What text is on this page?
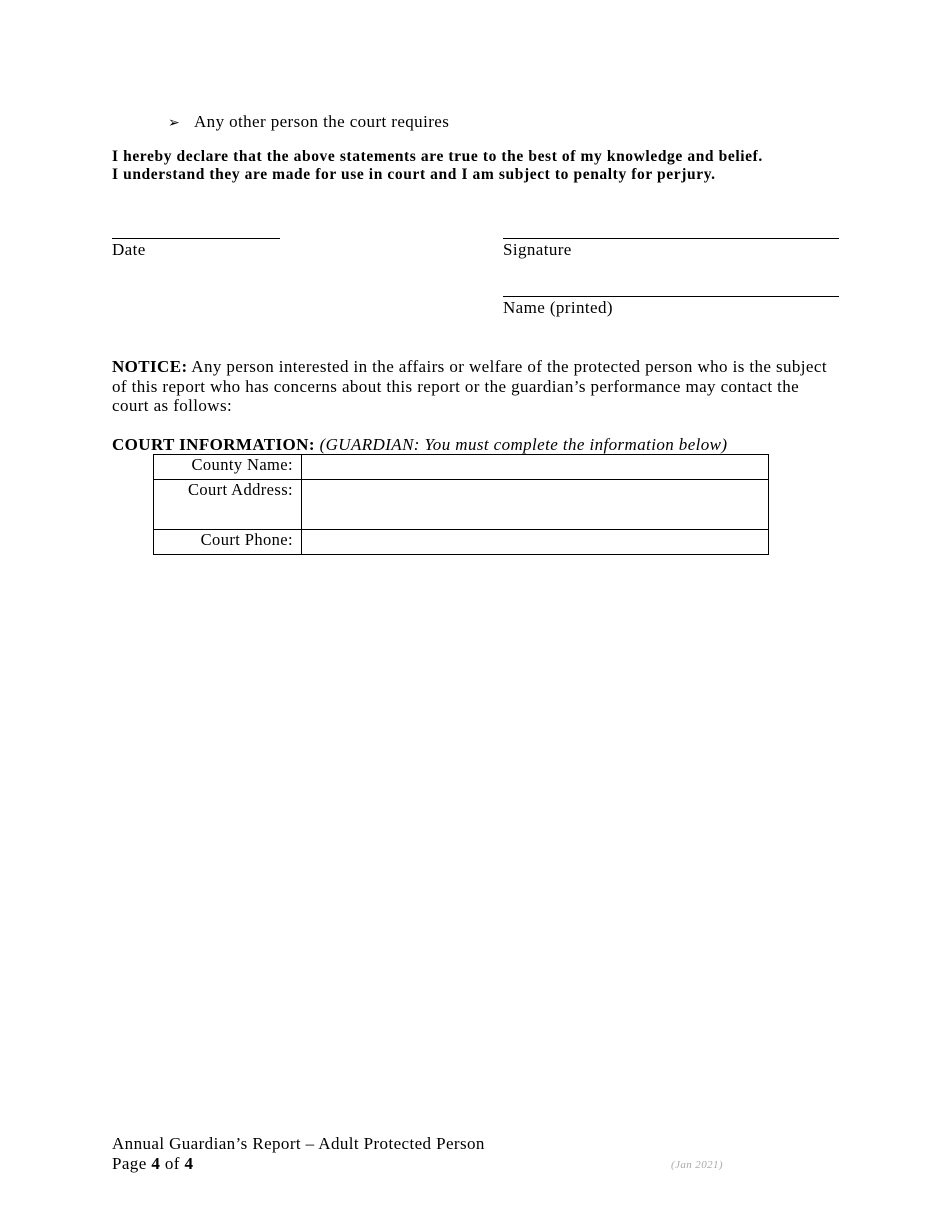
➢ Any other person the court requires
I hereby declare that the above statements are true to the best of my knowledge and belief.
I understand they are made for use in court and I am subject to penalty for perjury.
Date	Signature
Name (printed)
NOTICE: Any person interested in the affairs or welfare of the protected person who is the subject of this report who has concerns about this report or the guardian’s performance may contact the court as follows:
COURT INFORMATION: (GUARDIAN: You must complete the information below)
County Name:	
Court Address:	
Court Phone:	
Annual Guardian’s Report – Adult Protected Person
Page 4 of 4	(Jan 2021)
